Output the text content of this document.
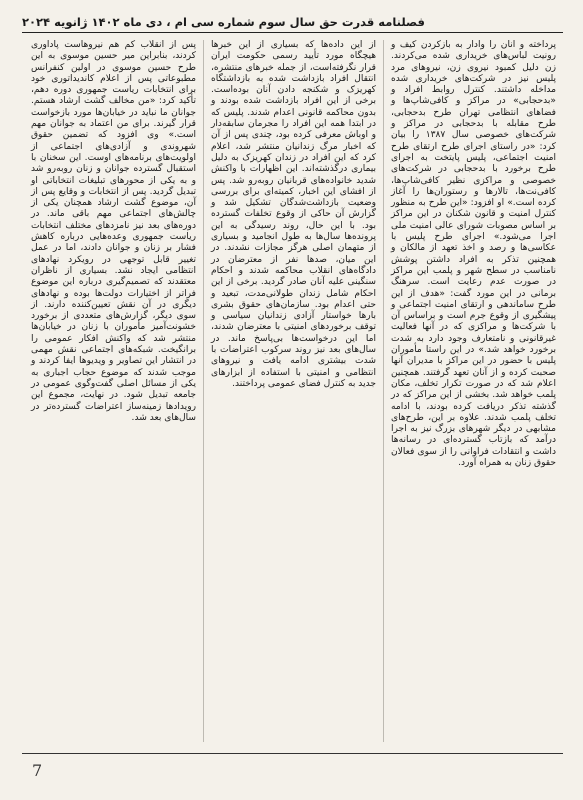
فصلنامه قدرت حق سال سوم شماره سی ام ، دی ماه ۱۴۰۲ ژانویه ۲۰۲۴

پرداخته و آنان را وادار به بازکردن کیف و رونیت لباس‌های خریداری شده می‌کردند. زن دلیل کمبود نیروی زن، نیروهای مرد پلیس نیز در شرکت‌های خریداری شده مداخله داشتند. کنترل روابط افراد و «بدحجابی» در مراکز و کافی‌شاپ‌ها و فضاهای انتظامی تهران طرح بدحجابی، طرح مقابله با بدحجابی در مراکز و شرکت‌های خصوصی سال ۱۳۸۷ را بیان کرد: «در راستای اجرای طرح ارتقای طرح امنیت اجتماعی، پلیس پایتخت به اجرای طرح برخورد با بدحجابی در شرکت‌های خصوصی و مراکزی نظیر کافی‌شاپ‌ها، کافی‌نت‌ها، تالارها و رستوران‌ها را آغاز کرده است.» او افزود: «این طرح به منظور کنترل امنیت و قانون شکنان در این مراکز بر اساس مصوبات شورای عالی امنیت ملی اجرا می‌شود.» اجرای طرح پلیس با عکاسی‌ها و رصد و اخذ تعهد از مالکان و همچنین تذکر به افراد داشتن پوشش نامناسب در سطح شهر و پلمب این مراکز در صورت عدم رعایت است. سرهنگ برمانی در این مورد گفت: «هدف از این طرح ساماندهی و ارتقای امنیت اجتماعی و پیشگیری از وقوع جرم است و براساس آن با شرکت‌ها و مراکزی که در آنها فعالیت غیرقانونی و نامتعارف وجود دارد به شدت برخورد خواهد شد.» در این راستا مأموران پلیس با حضور در این مراکز با مدیران آنها صحبت کرده و از آنان تعهد گرفتند. همچنین اعلام شد که در صورت تکرار تخلف، مکان پلمب خواهد شد. بخشی از این مراکز که در گذشته تذکر دریافت کرده بودند، با ادامه تخلف پلمب شدند. علاوه بر این، طرح‌های مشابهی در دیگر شهرهای بزرگ نیز به اجرا درآمد که بازتاب گسترده‌ای در رسانه‌ها داشت و انتقادات فراوانی را از سوی فعالان حقوق زنان به همراه آورد.

از این داده‌ها که بسیاری از این خبرها هیچگاه مورد تأیید رسمی حکومت ایران قرار نگرفته‌است، از جمله خبرهای منتشره، انتقال افراد بازداشت شده به بازداشتگاه کهریزک و شکنجه دادن آنان بوده‌است. برخی از این افراد بازداشت شده بودند و بدون محاکمه قانونی اعدام شدند. پلیس که در ابتدا همه این افراد را مجرمان سابقه‌دار و اوباش معرفی کرده بود، چندی پس از آن که اخبار مرگ زندانیان منتشر شد، اعلام کرد که این افراد در زندان کهریزک به دلیل بیماری درگذشته‌اند. این اظهارات با واکنش شدید خانواده‌های قربانیان روبه‌رو شد. پس از افشای این اخبار، کمیته‌ای برای بررسی وضعیت بازداشت‌شدگان تشکیل شد و گزارش آن حاکی از وقوع تخلفات گسترده بود. با این حال، روند رسیدگی به این پرونده‌ها سال‌ها به طول انجامید و بسیاری از متهمان اصلی هرگز مجازات نشدند. در این میان، صدها نفر از معترضان در دادگاه‌های انقلاب محاکمه شدند و احکام سنگینی علیه آنان صادر گردید. برخی از این احکام شامل زندان طولانی‌مدت، تبعید و حتی اعدام بود. سازمان‌های حقوق بشری بارها خواستار آزادی زندانیان سیاسی و توقف برخوردهای امنیتی با معترضان شدند، اما این درخواست‌ها بی‌پاسخ ماند. در سال‌های بعد نیز روند سرکوب اعتراضات با شدت بیشتری ادامه یافت و نیروهای انتظامی و امنیتی با استفاده از ابزارهای جدید به کنترل فضای عمومی پرداختند.

پس از انقلاب کم هم نیروهاست پاداوری کردند، بنابراین میر حسین موسوی به این طرح حسین موسوی در اولین کنفرانس مطبوعاتی پس از اعلام کاندیداتوری خود برای انتخابات ریاست جمهوری دوره دهم، تأکید کرد: «من مخالف گشت ارشاد هستم. جوانان ما نباید در خیابان‌ها مورد بازخواست قرار گیرند. برای من اعتماد به جوانان مهم است.» وی افزود که تضمین حقوق شهروندی و آزادی‌های اجتماعی از اولویت‌های برنامه‌های اوست. این سخنان با استقبال گسترده جوانان و زنان روبه‌رو شد و به یکی از محورهای تبلیغات انتخاباتی او تبدیل گردید. پس از انتخابات و وقایع پس از آن، موضوع گشت ارشاد همچنان یکی از چالش‌های اجتماعی مهم باقی ماند. در دوره‌های بعد نیز نامزدهای مختلف انتخابات ریاست جمهوری وعده‌هایی درباره کاهش فشار بر زنان و جوانان دادند، اما در عمل تغییر قابل توجهی در رویکرد نهادهای انتظامی ایجاد نشد. بسیاری از ناظران معتقدند که تصمیم‌گیری درباره این موضوع فراتر از اختیارات دولت‌ها بوده و نهادهای دیگری در آن نقش تعیین‌کننده دارند. از سوی دیگر، گزارش‌های متعددی از برخورد خشونت‌آمیز مأموران با زنان در خیابان‌ها منتشر شد که واکنش افکار عمومی را برانگیخت. شبکه‌های اجتماعی نقش مهمی در انتشار این تصاویر و ویدیوها ایفا کردند و موجب شدند که موضوع حجاب اجباری به یکی از مسائل اصلی گفت‌وگوی عمومی در جامعه تبدیل شود. در نهایت، مجموع این رویدادها زمینه‌ساز اعتراضات گسترده‌تر در سال‌های بعد شد.

7
